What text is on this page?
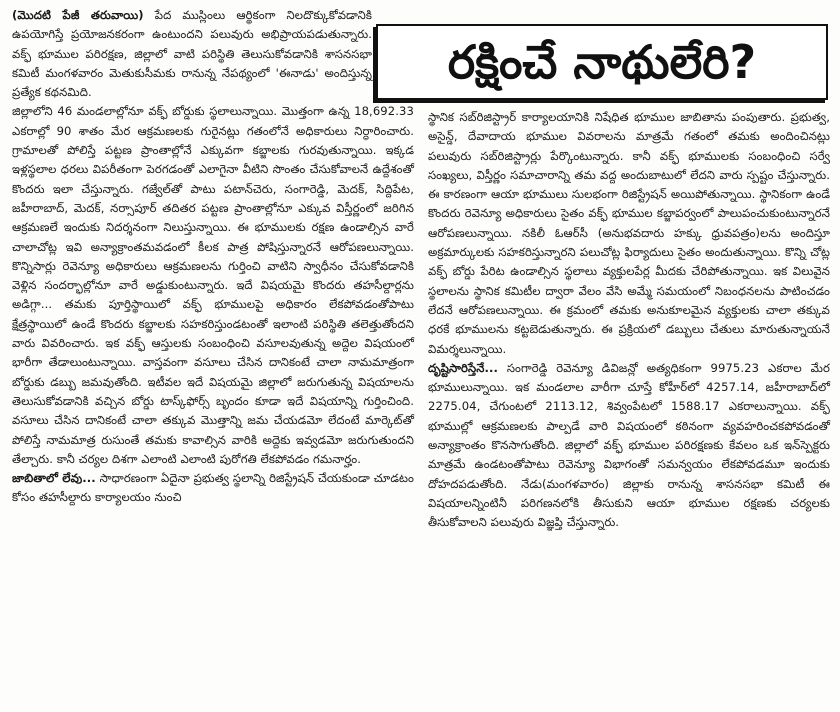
రక్షించే నాథులేరి?

(మొదటి పేజీ తరువాయి) పేద ముస్లింలు ఆర్థికంగా నిలదొక్కుకోవడానికి ఉపయోగిస్తే ప్రయోజనకరంగా ఉంటుందని పలువురు అభిప్రాయపడుతున్నారు. వక్ఫ్ భూముల పరిరక్షణ, జిల్లాలో వాటి పరిస్థితి తెలుసుకోవడానికి శాసనసభా కమిటీ మంగళవారం మెతుకుసీమకు రానున్న నేపథ్యంలో 'ఈనాడు' అందిస్తున్న ప్రత్యేక కథనమిది.

జిల్లాలోని 46 మండలాల్లోనూ వక్ఫ్ బోర్డుకు స్థలాలున్నాయి. మొత్తంగా ఉన్న 18,692.33 ఎకరాల్లో 90 శాతం మేర ఆక్రమణలకు గురైనట్లు గతంలోనే అధికారులు నిర్ధారించారు. గ్రామాలతో పోలిస్తే పట్టణ ప్రాంతాల్లోనే ఎక్కువగా కబ్జాలకు గురవుతున్నాయి. ఇక్కడ ఇళ్లస్థలాల ధరలు విపరీతంగా పెరగడంతో ఎలాగైనా వీటిని సొంతం చేసుకోవాలనే ఉద్దేశంతో కొందరు ఇలా చేస్తున్నారు. గజ్వేల్‌తో పాటు పటాన్‌చెరు, సంగారెడ్డి, మెదక్, సిద్దిపేట, జహీరాబాద్, మెదక్, నర్సాపూర్ తదితర పట్టణ ప్రాంతాల్లోనూ ఎక్కువ విస్తీర్ణంలో జరిగిన ఆక్రమణలే ఇందుకు నిదర్శనంగా నిలుస్తున్నాయి. ఈ భూములకు రక్షణ ఉండాల్సిన వారే చాలాచోట్ల ఇవి అన్యాక్రాంతమవడంలో కీలక పాత్ర పోషిస్తున్నారనే ఆరోపణలున్నాయి. కొన్నిసార్లు రెవెన్యూ అధికారులు ఆక్రమణలను గుర్తించి వాటిని స్వాధీనం చేసుకోవడానికి వెళ్లిన సందర్భాల్లోనూ వారే అడ్డుకుంటున్నారు. ఇదే విషయమై కొందరు తహసీల్దార్లను అడిగ్గా... తమకు పూర్తిస్థాయిలో వక్ఫ్ భూములపై అధికారం లేకపోవడంతోపాటు క్షేత్రస్థాయిలో ఉండే కొందరు కబ్జాలకు సహకరిస్తుండటంతో ఇలాంటి పరిస్థితి తలెత్తుతోందని వారు వివరించారు. ఇక వక్ఫ్ ఆస్తులకు సంబంధించి వసూలవుతున్న అద్దెల విషయంలో భారీగా తేడాలుంటున్నాయి. వాస్తవంగా వసూలు చేసిన దానికంటే చాలా నామమాత్రంగా బోర్డుకు డబ్బు జమవుతోంది. ఇటీవల ఇదే విషయమై జిల్లాలో జరుగుతున్న విషయాలను తెలుసుకోవడానికి వచ్చిన బోర్డు టాస్క్‌ఫోర్స్ బృందం కూడా ఇదే విషయాన్ని గుర్తించింది. వసూలు చేసిన దానికంటే చాలా తక్కువ మొత్తాన్ని జమ చేయడమో లేదంటే మార్కెట్‌తో పోలిస్తే నామమాత్ర రుసుంతే తమకు కావాల్సిన వారికి అద్దెకు ఇవ్వడమో జరుగుతుందని తేల్చారు. కానీ చర్యల దిశగా ఎలాంటి ఎలాంటి పురోగతి లేకపోవడం గమనార్హం.

జాబితాలో లేవు... సాధారణంగా ఏదైనా ప్రభుత్వ స్థలాన్ని రిజిస్ట్రేషన్ చేయకుండా చూడటం కోసం తహసీల్దారు కార్యాలయం నుంచి

స్థానిక సబ్‌రిజిస్ట్రార్ కార్యాలయానికి నిషేధిత భూముల జాబితాను పంపుతారు. ప్రభుత్వ, అసైన్డ్, దేవాదాయ భూముల వివరాలను మాత్రమే గతంలో తమకు అందించినట్లు పలువురు సబ్‌రిజిస్ట్రార్లు పేర్కొంటున్నారు. కానీ వక్ఫ్ భూములకు సంబంధించి సర్వే సంఖ్యలు, విస్తీర్ణం సమాచారాన్ని తమ వద్ద అందుబాటులో లేదని వారు స్పష్టం చేస్తున్నారు. ఈ కారణంగా ఆయా భూములు సులభంగా రిజిస్ట్రేషన్ అయిపోతున్నాయి. స్థానికంగా ఉండే కొందరు రెవెన్యూ అధికారులు సైతం వక్ఫ్ భూముల కబ్జాపర్వంలో పాలుపంచుకుంటున్నారనే ఆరోపణలున్నాయి. నకిలీ ఓఆర్‌సీ (అనుభవదారు హక్కు ధ్రువపత్రం)లను అందిస్తూ అక్రమార్కులకు సహకరిస్తున్నారని పలుచోట్ల ఫిర్యాదులు సైతం అందుతున్నాయి. కొన్ని చోట్ల వక్ఫ్ బోర్డు పేరిట ఉండాల్సిన స్థలాలు వ్యక్తులపేర్ల మీదకు చేరిపోతున్నాయి. ఇక విలువైన స్థలాలను స్థానిక కమిటీల ద్వారా వేలం వేసి అమ్మే సమయంలో నిబంధనలను పాటించడం లేదనే ఆరోపణలున్నాయి. ఈ క్రమంలో తమకు అనుకూలమైన వ్యక్తులకు చాలా తక్కువ ధరకే భూములను కట్టబెడుతున్నారు. ఈ ప్రక్రియలో డబ్బులు చేతులు మారుతున్నాయనే విమర్శలున్నాయి.

దృష్టిసారిస్తేనే... సంగారెడ్డి రెవెన్యూ డివిజన్లో అత్యధికంగా 9975.23 ఎకరాల మేర భూములున్నాయి. ఇక మండలాల వారీగా చూస్తే కోహీర్‌లో 4257.14, జహీరాబాద్‌లో 2275.04, చేగుంటలో 2113.12, శివ్వంపేటలో 1588.17 ఎకరాలున్నాయి. వక్ఫ్ భూముల్లో ఆక్రమణలకు పాల్పడే వారి విషయంలో కఠినంగా వ్యవహరించకపోవడంతో అన్యాక్రాంతం కొనసాగుతోంది. జిల్లాలో వక్ఫ్ భూముల పరిరక్షణకు కేవలం ఒక ఇన్‌స్పెక్టరు మాత్రమే ఉండటంతోపాటు రెవెన్యూ విభాగంతో సమన్వయం లేకపోవడమూ ఇందుకు దోహదపడుతోంది. నేడు(మంగళవారం) జిల్లాకు రానున్న శాసనసభా కమిటీ ఈ విషయాలన్నింటినీ పరిగణనలోకి తీసుకుని ఆయా భూముల రక్షణకు చర్యలకు తీసుకోవాలని పలువురు విజ్ఞప్తి చేస్తున్నారు.
